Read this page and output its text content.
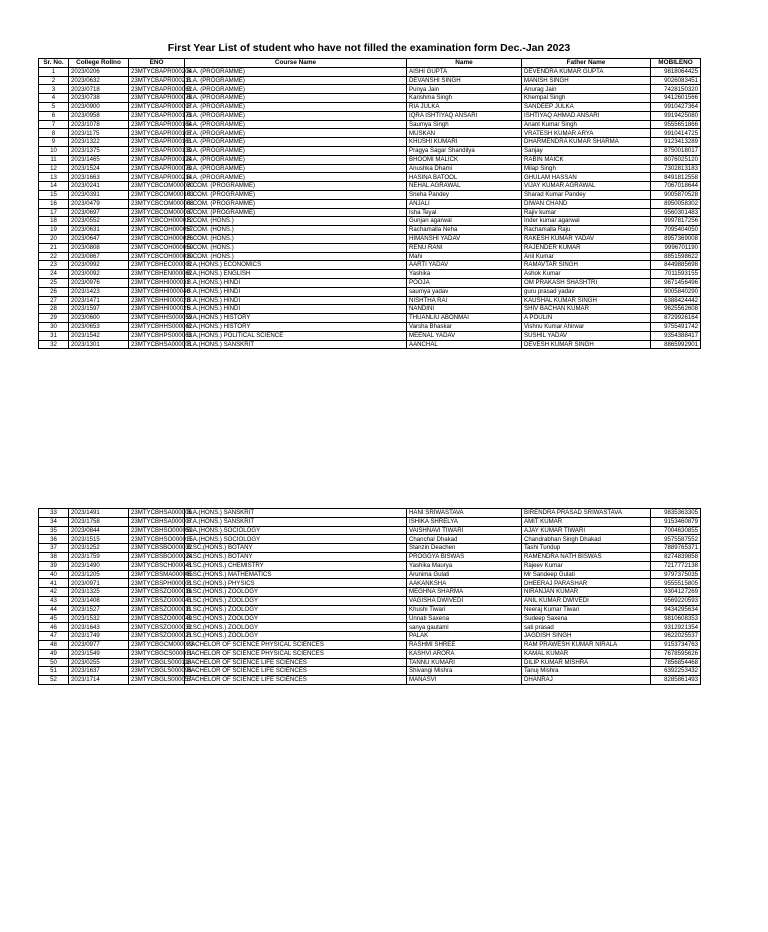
First Year List of student who have not filled the examination form Dec.-Jan 2023
Sr. No.	College Rollno	ENO	Course Name	Name	Father Name	MOBILENO
1	2023/0206	23MTYCBAPR000204	B.A. (PROGRAMME)	AISHI GUPTA	DEVENDRA KUMAR GUPTA	9818064425
2	2023/0632	23MTYCBAPR000211	B.A. (PROGRAMME)	DEVANSHI SINGH	MANISH SINGH	9026083451
3	2023/0718	23MTYCBAPR000062	B.A. (PROGRAMME)	Punya Jain	Anurag Jain	7428150320
4	2023/0738	23MTYCBAPR000078	B.A. (PROGRAMME)	Karishma Singh	Khempal Singh	9412601566
5	2023/0900	23MTYCBAPR000097	B.A. (PROGRAMME)	RIA JULKA	SANDEEP JULKA	9910427364
6	2023/0958	23MTYCBAPR000173	B.A. (PROGRAMME)	IQRA ISHTIYAQ ANSARI	ISHTIYAQ AHMAD ANSARI	9919425080
7	2023/1078	23MTYCBAPR000164	B.A. (PROGRAMME)	Saumya Singh	Anant Kumar Singh	9555651866
8	2023/1175	23MTYCBAPR000107	B.A. (PROGRAMME)	MUSKAN	VRATESH KUMAR ARYA	9910414725
9	2023/1322	23MTYCBAPR000161	B.A. (PROGRAMME)	KHUSHI KUMARI	DHARMENDRA KUMAR SHARMA	9123413289
10	2023/1375	23MTYCBAPR000130	B.A. (PROGRAMME)	Pragya Sagar Shandilya	Sanjay	8750018017
11	2023/1465	23MTYCBAPR000124	B.A. (PROGRAMME)	BHOOMI MALICK	RABIN MAICK	8076025120
12	2023/1524	23MTYCBAPR000070	B.A. (PROGRAMME)	Anushka Dhami	Milap Singh	7302813183
13	2023/1663	23MTYCBAPR000214	B.A. (PROGRAMME)	HASINA BATOOL	GHULAM HASSAN	8491812558
14	2023/0241	23MTYCBCOM000070	B.COM. (PROGRAMME)	NEHAL AGRAWAL	VIJAY KUMAR AGRAWAL	7067018644
15	2023/0391	23MTYCBCOM000103	B.COM. (PROGRAMME)	Sneha Pandey	Sharad Kumar Pandey	9005870528
16	2023/0479	23MTYCBCOM000008	B.COM. (PROGRAMME)	ANJALI	DIWAN CHAND	8950058302
17	2023/0697	23MTYCBCOM000037	B.COM. (PROGRAMME)	Isha Teyal	Rajiv kumar	9560301483
18	2023/0552	23MTYCBCOH000022	B.COM. (HONS.)	Gunjan agarwal	Inder kumar agarwal	9997817256
19	2023/0631	23MTYCBCOH000057	B.COM. (HONS.)	Rachamalla Neha	Rachamalla Raju	7095404050
20	2023/0647	23MTYCBCOH000026	B.COM. (HONS.)	HIMANSHI YADAV	RAKESH KUMAR YADAV	8957369008
21	2023/0808	23MTYCBCOH000059	B.COM. (HONS.)	RENU RANI	RAJENDER KUMAR	9996701190
22	2023/0867	23MTYCBCOH000039	B.COM. (HONS.)	Mahi	Anil Kumar	8851598622
23	2023/0992	23MTYCBHEC000002	B.A.(HONS.) ECONOMICS	AARTI YADAV	RAMAVTAR SINGH	8449885698
24	2023/0092	23MTYCBHEN000062	B.A.(HONS.) ENGLISH	Yashika	Ashok Kumar	7011593155
25	2023/0976	23MTYCBHHI000031	B.A.(HONS.) HINDI	POOJA	OM PRAKASH SHASHTRI	9671456496
26	2023/1423	23MTYCBHHI000040	B.A.(HONS.) HINDI	saumya yadav	guru prasad yadav	9005840290
27	2023/1471	23MTYCBHHI000028	B.A.(HONS.) HINDI	NISHTHA RAI	KAUSHAL KUMAR SINGH	6388424442
28	2023/1597	23MTYCBHHI000025	B.A.(HONS.) HINDI	NANDINI	SHIV BACHAN KUMAR	9625562608
29	2023/0600	23MTYCBHHS000059	B.A.(HONS.) HISTORY	THUANLIU ABONMAI	A POULIN	8729926164
30	2023/0653	23MTYCBHHS000062	B.A.(HONS.) HISTORY	Varsha Bhaskar	Vishnu Kumar Ahirwar	9755491742
31	2023/1542	23MTYCBHPS000063	B.A.(HONS.) POLITICAL SCIENCE	MEENAL YADAV	SUSHIL YADAV	9354388417
32	2023/1301	23MTYCBHSA000001	B.A.(HONS.) SANSKRIT	AANCHAL	DEVESH KUMAR SINGH	8865992901
33	2023/1491	23MTYCBHSA000006	B.A.(HONS.) SANSKRIT	HANI SRIWASTAVA	BIRENDRA PRASAD SRIWASTAVA	9835363305
34	2023/1758	23MTYCBHSA000007	B.A.(HONS.) SANSKRIT	ISHIKA SHRELYA	AMIT KUMAR	9153460879
35	2023/0844	23MTYCBHSO000059	B.A.(HONS.) SOCIOLOGY	VAISHNAVI TIWARI	AJAY KUMAR TIWARI	7004630855
36	2023/1515	23MTYCBHSO000015	B.A.(HONS.) SOCIOLOGY	Chanchal Dhakad	Chandrabhan Singh Dhakad	9575587552
37	2023/1252	23MTYCBSBO000032	B.SC.(HONS.) BOTANY	Stanzin Deachen	Tashi Tundup	7889765371
38	2023/1759	23MTYCBSBO000024	B.SC.(HONS.) BOTANY	PROGGYA BISWAS	RAMENDRA NATH BISWAS	8274839858
39	2023/1490	23MTYCBSCH000041	B.SC.(HONS.) CHEMISTRY	Yashika Maurya	Rajeev Kumar	7217772138
40	2023/1205	23MTYCBSMA000005	B.SC.(HONS.) MATHEMATICS	Arunima Gulati	Mr Sandeep Gulati	9797375035
41	2023/0971	23MTYCBSPH000001	B.SC.(HONS.) PHYSICS	AAKANKSHA	DHEERAJ PARASHAR	9555515805
42	2023/1325	23MTYCBSZO000016	B.SC.(HONS.) ZOOLOGY	MEGHNA SHARMA	NIRANJAN KUMAR	9304127269
43	2023/1408	23MTYCBSZO000041	B.SC.(HONS.) ZOOLOGY	VAGISHA DWIVEDI	ANIL KUMAR DWIVEDI	9569220593
44	2023/1527	23MTYCBSZO000011	B.SC.(HONS.) ZOOLOGY	Khushi Tiwari	Neeraj Kumar Tiwari	9434295634
45	2023/1532	23MTYCBSZO000040	B.SC.(HONS.) ZOOLOGY	Unnati Saxena	Sudeep Saxena	9810608353
46	2023/1643	23MTYCBSZO000032	B.SC.(HONS.) ZOOLOGY	sanya gautami	sati prasad	9312921354
47	2023/1749	23MTYCBSZO000021	B.SC.(HONS.) ZOOLOGY	PALAK	JAGDISH SINGH	9622025537
48	2023/0977	23MTYCBGCM000023	BACHELOR OF SCIENCE PHYSICAL SCIENCES	RASHMI SHREE	RAM PRAWESH KUMAR NIRALA	9153734763
49	2023/1549	23MTYCBGCS000011	BACHELOR OF SCIENCE PHYSICAL SCIENCES	KASHVI ARORA	KAMAL KUMAR	7678595626
50	2023/0255	23MTYCBGLS000110	BACHELOR OF SCIENCE LIFE SCIENCES	TANNU KUMARI	DILIP KUMAR MISHRA	7856854468
51	2023/1637	23MTYCBGLS000096	BACHELOR OF SCIENCE LIFE SCIENCES	Shivangi Mishra	Tanuj Mishra	6392253432
52	2023/1714	23MTYCBGLS000057	BACHELOR OF SCIENCE LIFE SCIENCES	MANASVI	DHANRAJ	8285861493
